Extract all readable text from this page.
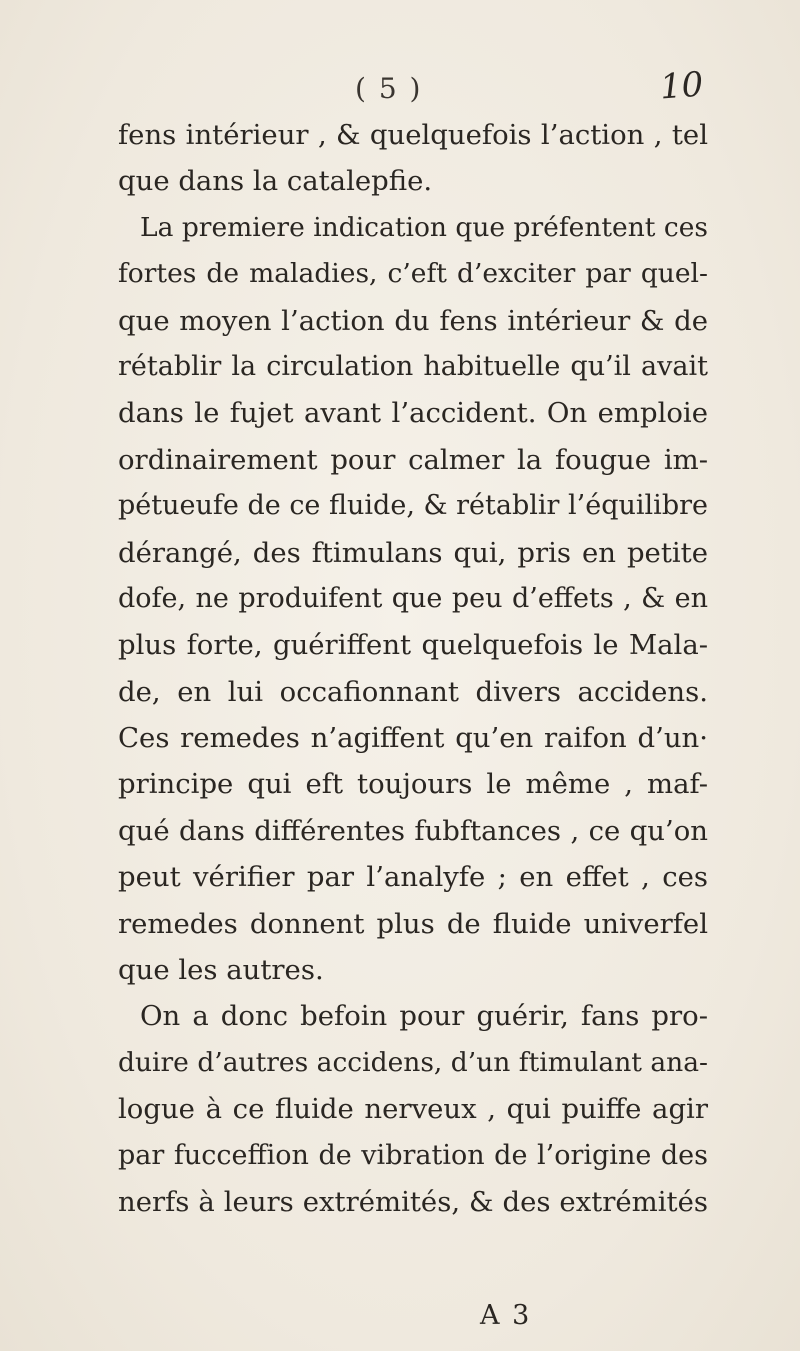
( 5 )	10
fens intérieur , & quelquefois l’action , tel
que dans la catalepfie.
La premiere indication que préfentent ces
fortes de maladies, c’eft d’exciter par quel-
que moyen l’action du fens intérieur & de
rétablir la circulation habituelle qu’il avait
dans le fujet avant l’accident. On emploie
ordinairement pour calmer la fougue im-
pétueufe de ce fluide, & rétablir l’équilibre
dérangé, des ftimulans qui, pris en petite
dofe, ne produifent que peu d’effets , & en
plus forte, guériffent quelquefois le Mala-
de, en lui occafionnant divers accidens.
Ces remedes n’agiffent qu’en raifon d’un·
principe qui eft toujours le même , maf-
qué dans différentes fubftances , ce qu’on
peut vérifier par l’analyfe ; en effet , ces
remedes donnent plus de fluide univerfel
que les autres.
On a donc befoin pour guérir, fans pro-
duire d’autres accidens, d’un ftimulant ana-
logue à ce fluide nerveux , qui puiffe agir
par fucceffion de vibration de l’origine des
nerfs à leurs extrémités, & des extrémités
A 3
